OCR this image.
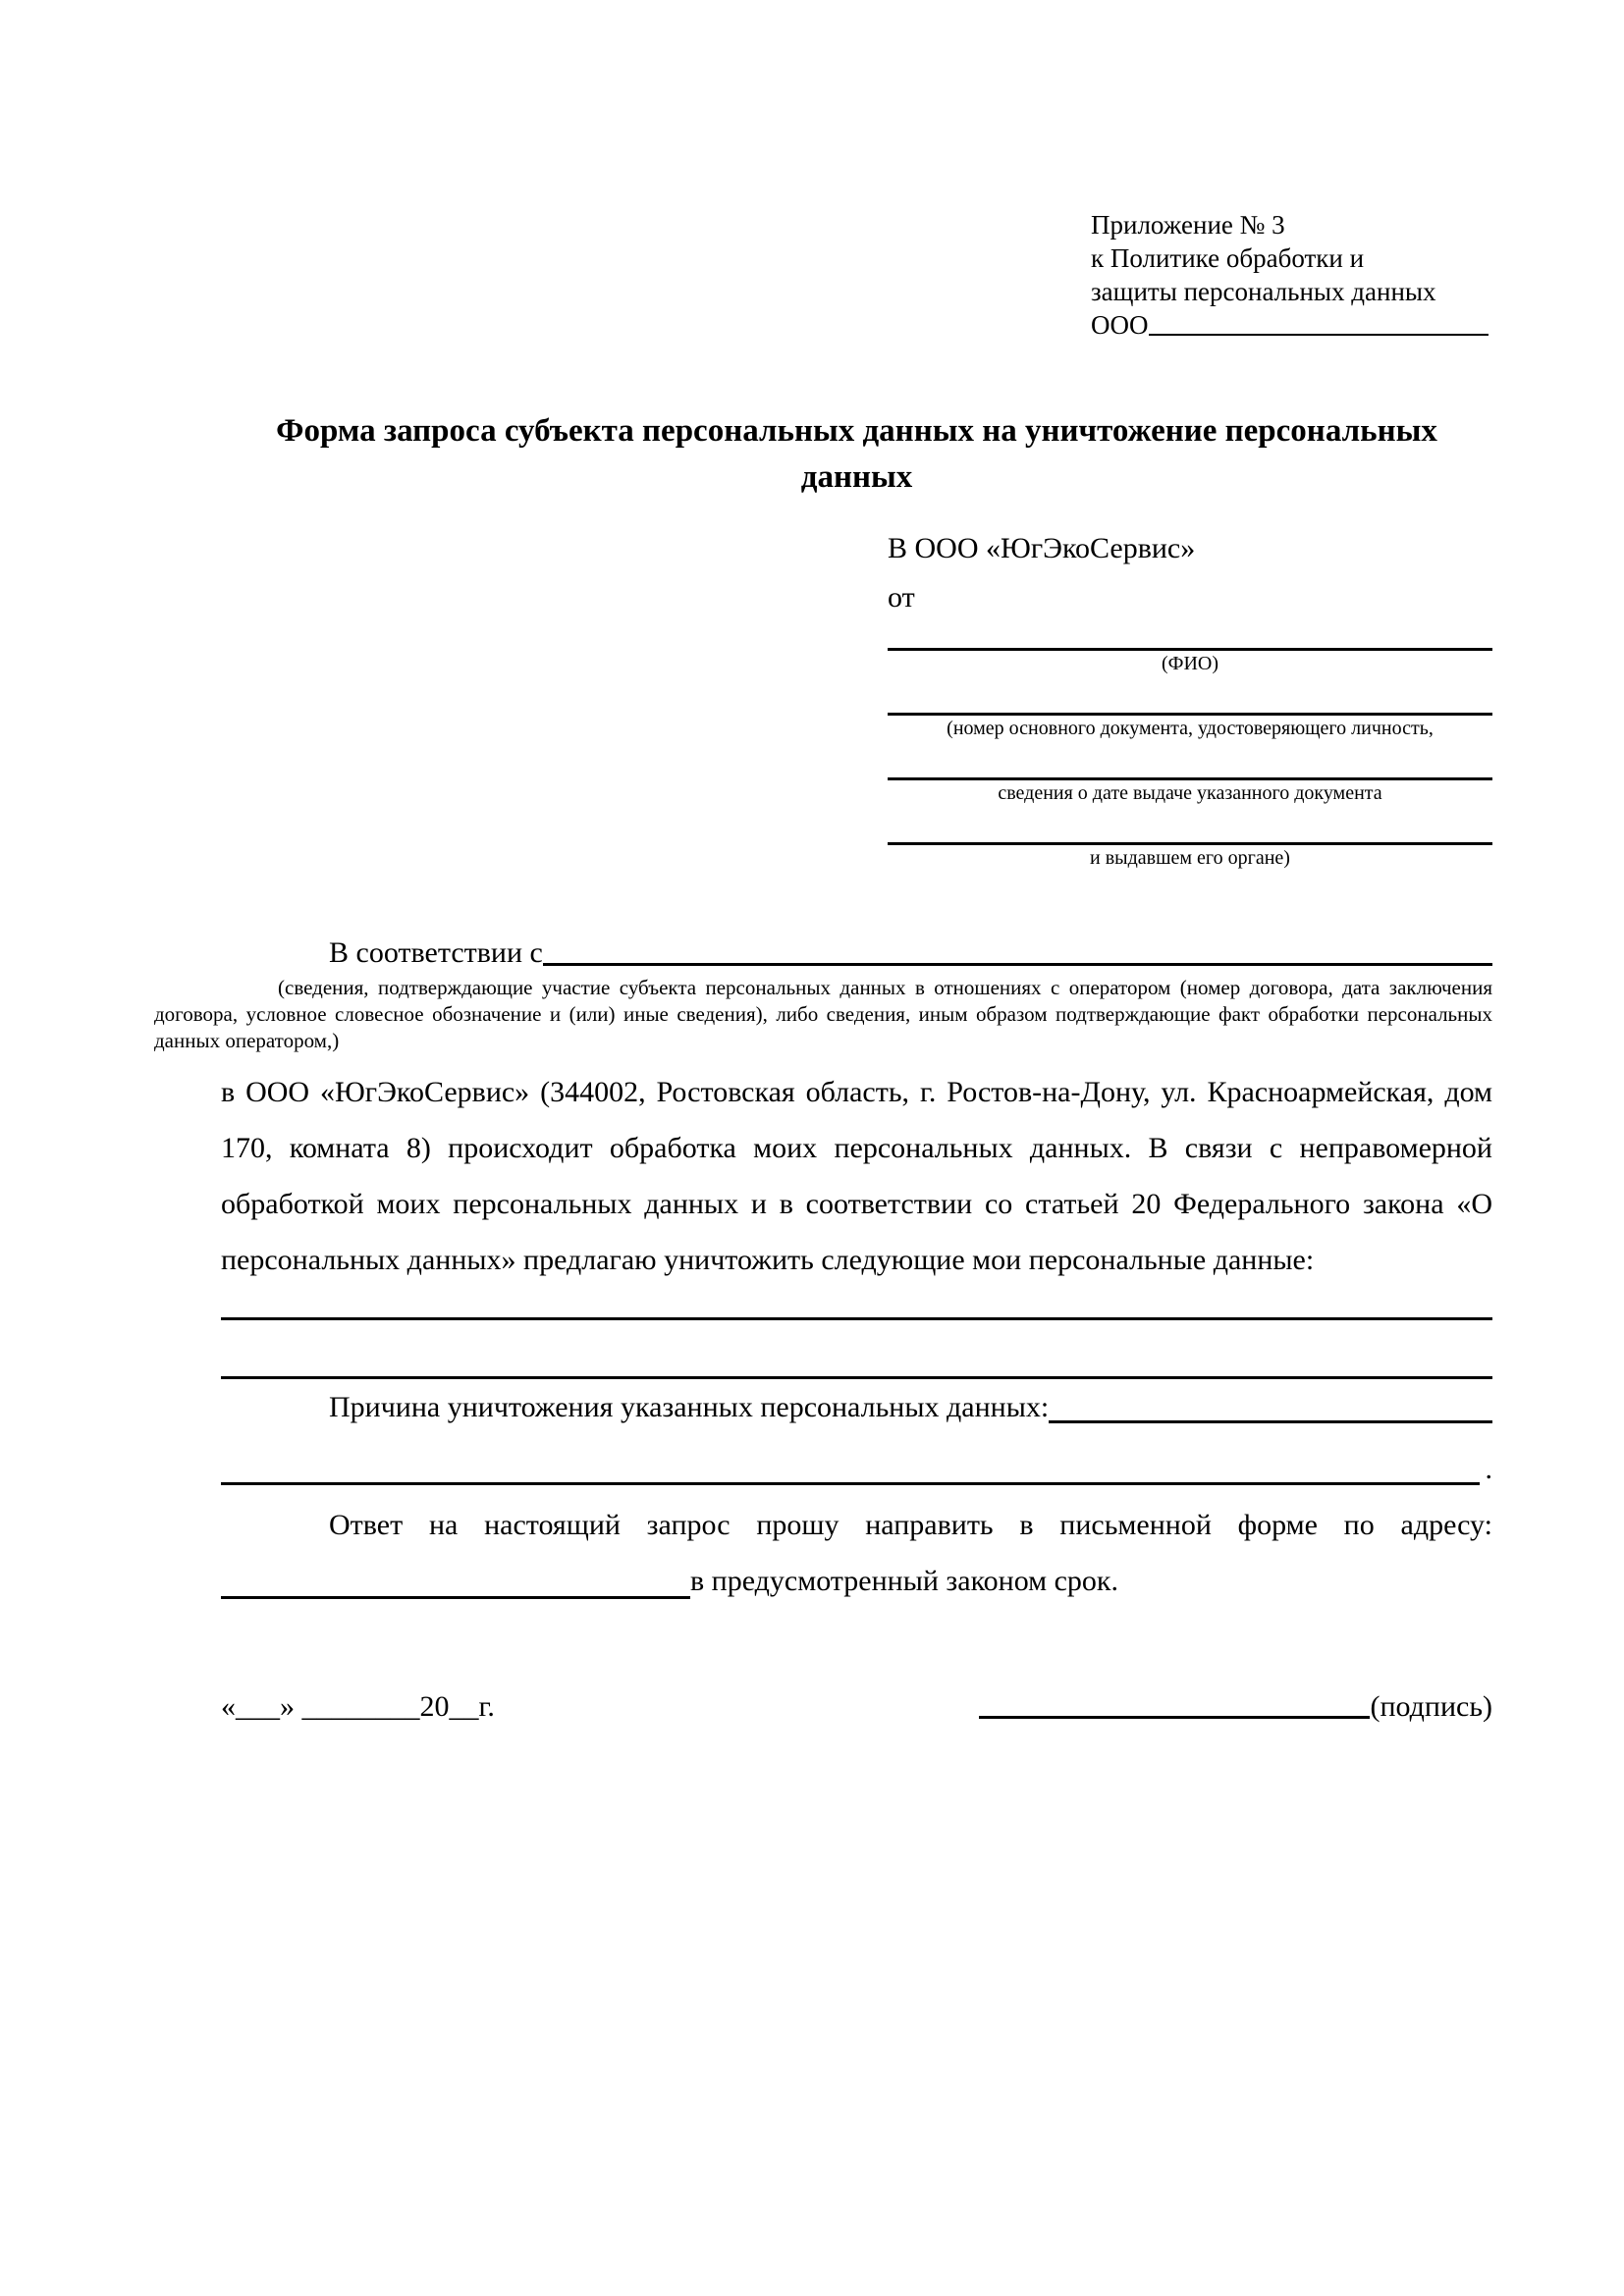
Приложение № 3
к Политике обработки и
защиты персональных данных
ООО
Форма запроса субъекта персональных данных на уничтожение персональных данных
В ООО «ЮгЭкоСервис»
от

(ФИО)

(номер основного документа, удостоверяющего личность,

сведения о дате выдаче указанного документа

и выдавшем его органе)

В соответствии с
(сведения, подтверждающие участие субъекта персональных данных в отношениях с оператором (номер договора, дата заключения договора, условное словесное обозначение и (или) иные сведения), либо сведения, иным образом подтверждающие факт обработки персональных данных оператором,)
в ООО «ЮгЭкоСервис» (344002, Ростовская область, г. Ростов-на-Дону, ул. Красноармейская, дом 170, комната 8) происходит обработка моих персональных данных. В связи с неправомерной обработкой моих персональных данных и в соответствии со статьей 20 Федерального закона «О персональных данных» предлагаю уничтожить следующие мои персональные данные:
Причина уничтожения указанных персональных данных:
.
Ответ на настоящий запрос прошу направить в письменной форме по адресу:
в предусмотренный законом срок.
«___» ________20__г.	(подпись)
